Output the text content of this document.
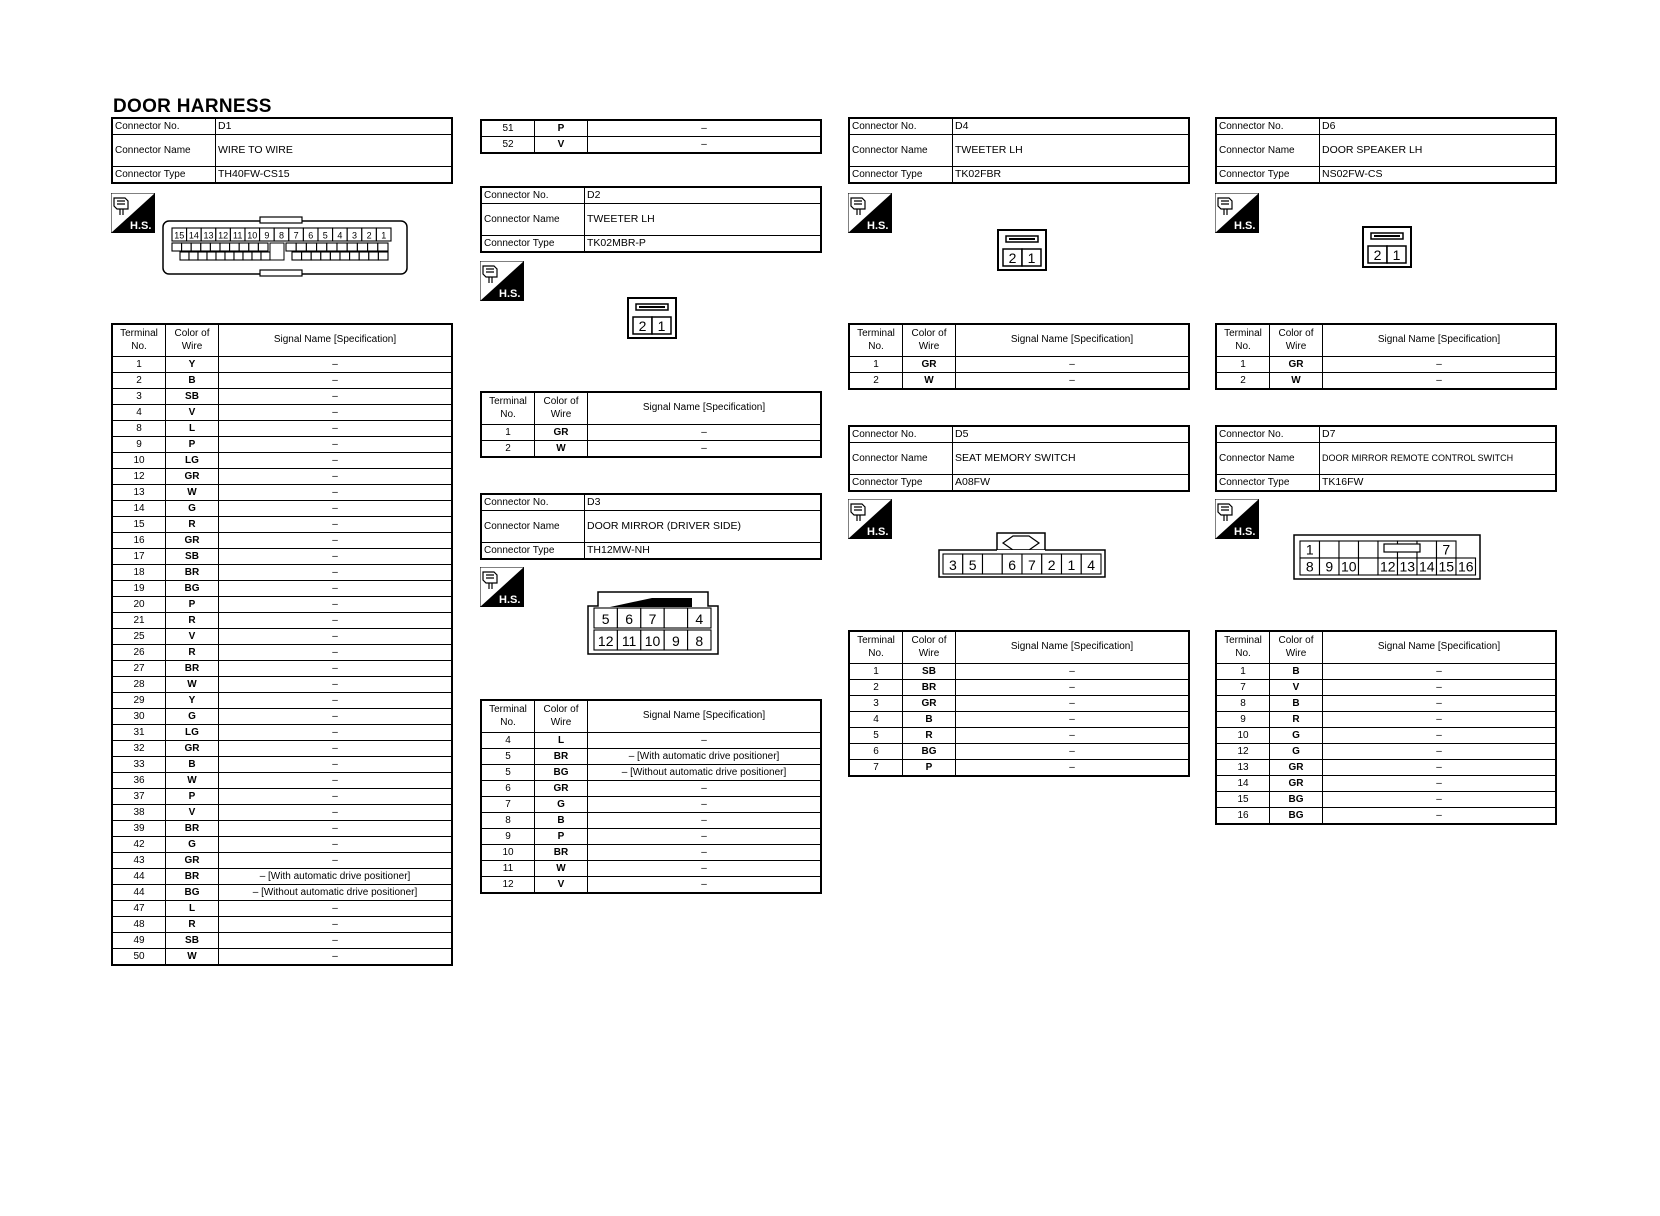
DOOR HARNESS
Connector No.	D1
Connector Name	WIRE TO WIRE
Connector Type	TH40FW-CS15
H.S.
15 14 13 12 11 10 9 8 7 6 5 4 3 2 1
Terminal No.	Color of Wire	Signal Name [Specification]
1	Y	–
2	B	–
3	SB	–
4	V	–
8	L	–
9	P	–
10	LG	–
12	GR	–
13	W	–
14	G	–
15	R	–
16	GR	–
17	SB	–
18	BR	–
19	BG	–
20	P	–
21	R	–
25	V	–
26	R	–
27	BR	–
28	W	–
29	Y	–
30	G	–
31	LG	–
32	GR	–
33	B	–
36	W	–
37	P	–
38	V	–
39	BR	–
42	G	–
43	GR	–
44	BR	– [With automatic drive positioner]
44	BG	– [Without automatic drive positioner]
47	L	–
48	R	–
49	SB	–
50	W	–
51	P	–
52	V	–
Connector No.	D2
Connector Name	TWEETER LH
Connector Type	TK02MBR-P
H.S.
2 1
Terminal No.	Color of Wire	Signal Name [Specification]
1	GR	–
2	W	–
Connector No.	D3
Connector Name	DOOR MIRROR (DRIVER SIDE)
Connector Type	TH12MW-NH
H.S.
5 6 7	4
12 11 10 9 8
Terminal No.	Color of Wire	Signal Name [Specification]
4	L	–
5	BR	– [With automatic drive positioner]
5	BG	– [Without automatic drive positioner]
6	GR	–
7	G	–
8	B	–
9	P	–
10	BR	–
11	W	–
12	V	–
Connector No.	D4
Connector Name	TWEETER LH
Connector Type	TK02FBR
H.S.
2 1
Terminal No.	Color of Wire	Signal Name [Specification]
1	GR	–
2	W	–
Connector No.	D5
Connector Name	SEAT MEMORY SWITCH
Connector Type	A08FW
H.S.
3 5 6 7 2 1 4
Terminal No.	Color of Wire	Signal Name [Specification]
1	SB	–
2	BR	–
3	GR	–
4	B	–
5	R	–
6	BG	–
7	P	–
Connector No.	D6
Connector Name	DOOR SPEAKER LH
Connector Type	NS02FW-CS
H.S.
2 1
Terminal No.	Color of Wire	Signal Name [Specification]
1	GR	–
2	W	–
Connector No.	D7
Connector Name	DOOR MIRROR REMOTE CONTROL SWITCH
Connector Type	TK16FW
H.S.
1	7
8 9 10 12 13 14 15 16
Terminal No.	Color of Wire	Signal Name [Specification]
1	B	–
7	V	–
8	B	–
9	R	–
10	G	–
12	G	–
13	GR	–
14	GR	–
15	BG	–
16	BG	–
